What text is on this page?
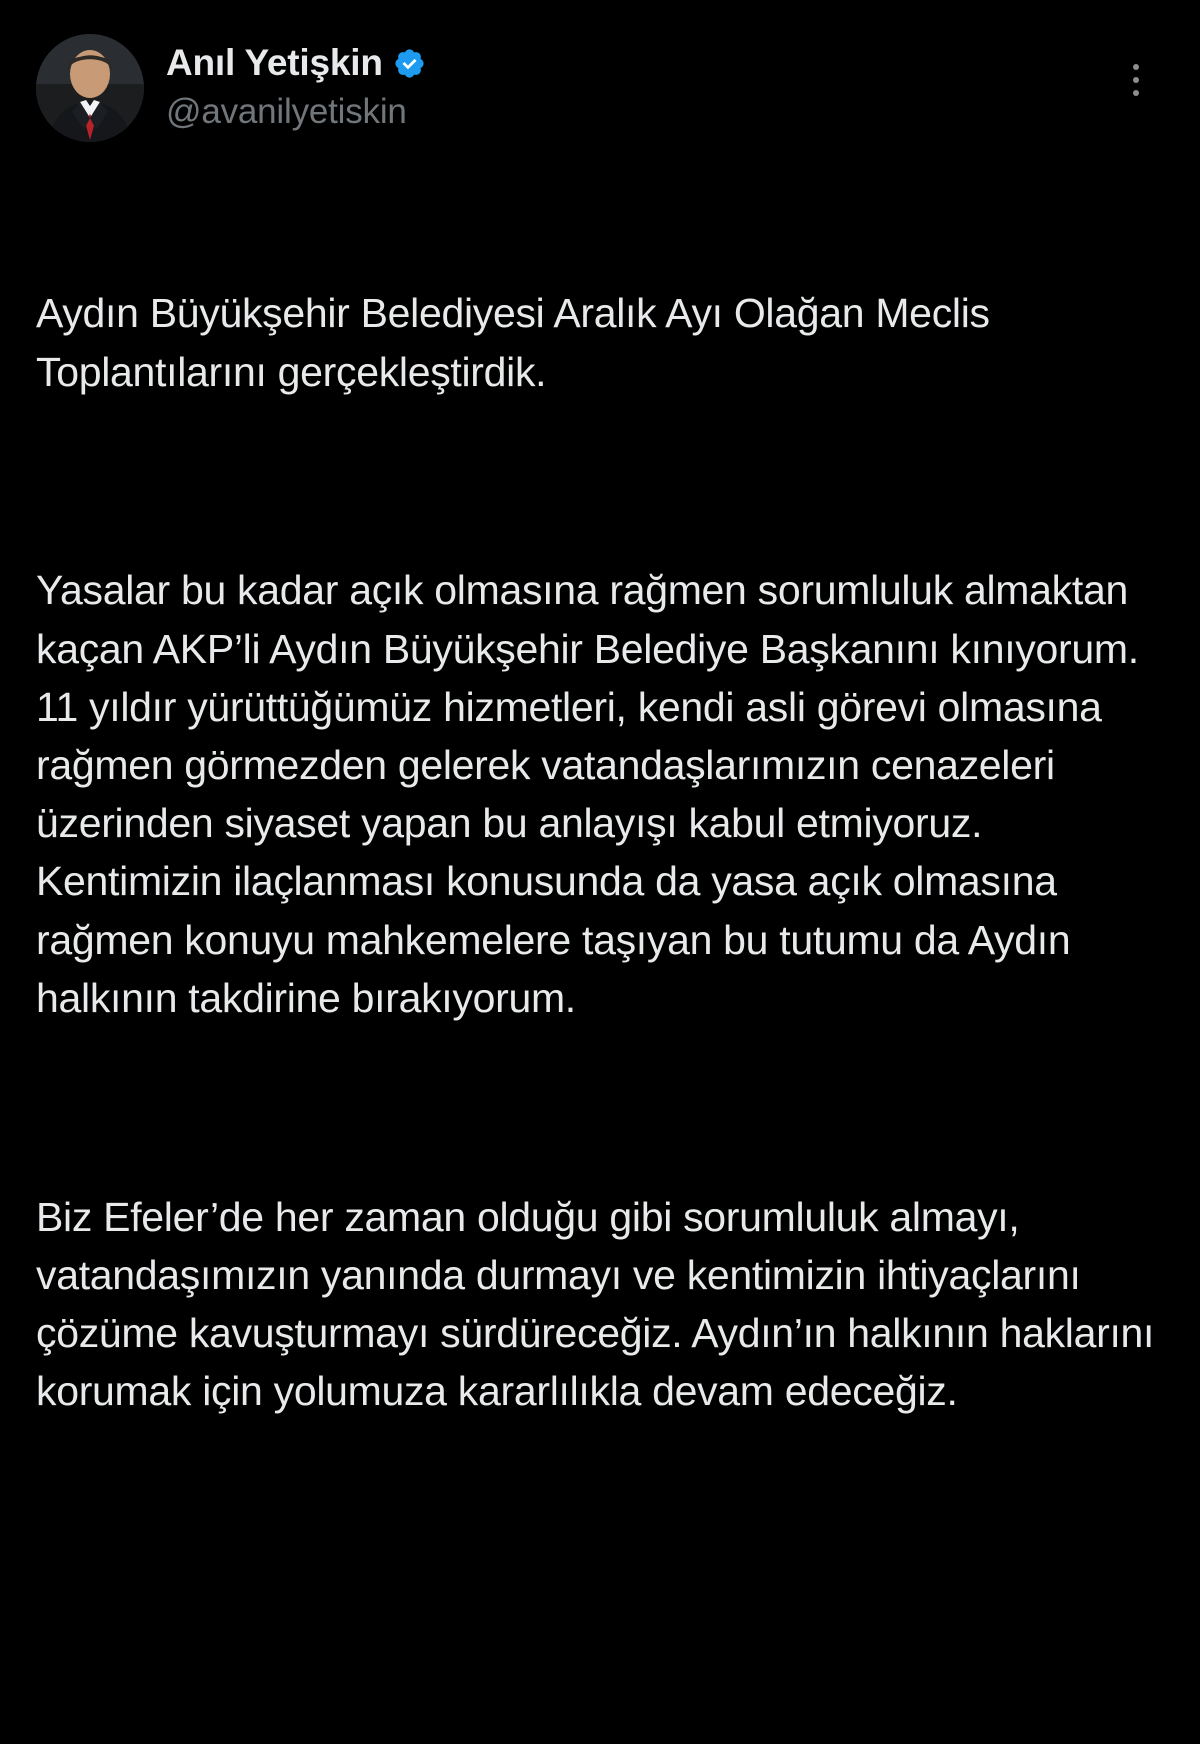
Anıl Yetişkin
@avanilyetiskin

Aydın Büyükşehir Belediyesi Aralık Ayı Olağan Meclis Toplantılarını gerçekleştirdik.

Yasalar bu kadar açık olmasına rağmen sorumluluk almaktan kaçan AKP’li Aydın Büyükşehir Belediye Başkanını kınıyorum. 11 yıldır yürüttüğümüz hizmetleri, kendi asli görevi olmasına rağmen görmezden gelerek vatandaşlarımızın cenazeleri üzerinden siyaset yapan bu anlayışı kabul etmiyoruz. Kentimizin ilaçlanması konusunda da yasa açık olmasına rağmen konuyu mahkemelere taşıyan bu tutumu da Aydın halkının takdirine bırakıyorum.

Biz Efeler’de her zaman olduğu gibi sorumluluk almayı, vatandaşımızın yanında durmayı ve kentimizin ihtiyaçlarını çözüme kavuşturmayı sürdüreceğiz. Aydın’ın halkının haklarını korumak için yolumuza kararlılıkla devam edeceğiz.
